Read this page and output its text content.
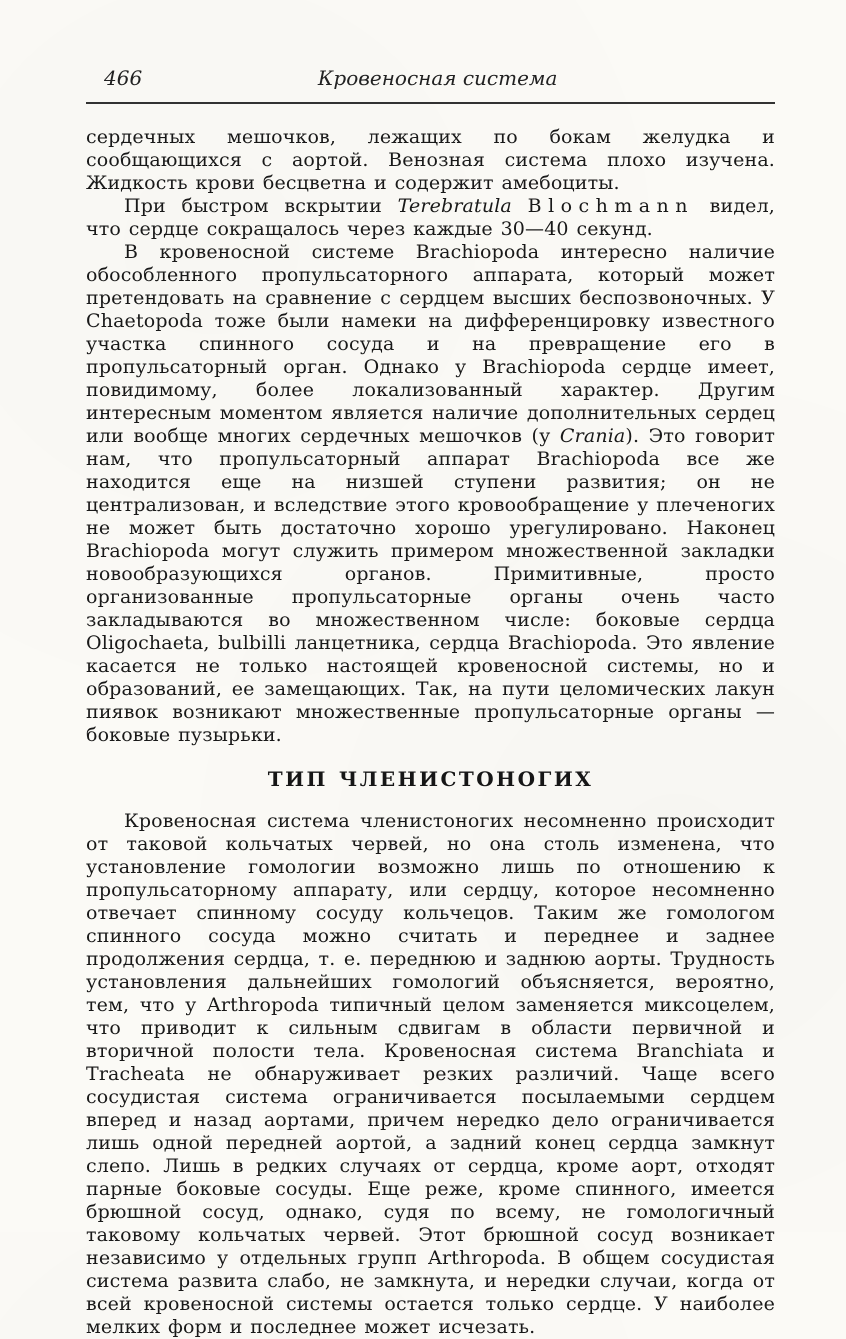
466	Кровеносная система

сердечных мешочков, лежащих по бокам желудка и сообщающихся с аортой. Венозная система плохо изучена. Жидкость крови бесцветна и содержит амебоциты.

При быстром вскрытии Terebratula Blochmann видел, что сердце сокращалось через каждые 30—40 секунд.

В кровеносной системе Brachiopoda интересно наличие обособленного пропульсаторного аппарата, который может претендовать на сравнение с сердцем высших беспозвоночных. У Chaetopoda тоже были намеки на дифференцировку известного участка спинного сосуда и на превращение его в пропульсаторный орган. Однако у Brachiopoda сердце имеет, повидимому, более локализованный характер. Другим интересным моментом является наличие дополнительных сердец или вообще многих сердечных мешочков (у Crania). Это говорит нам, что пропульсаторный аппарат Brachiopoda все же находится еще на низшей ступени развития; он не централизован, и вследствие этого кровообращение у плеченогих не может быть достаточно хорошо урегулировано. Наконец Brachiopoda могут служить примером множественной закладки новообразующихся органов. Примитивные, просто организованные пропульсаторные органы очень часто закладываются во множественном числе: боковые сердца Oligochaeta, bulbilli ланцетника, сердца Brachiopoda. Это явление касается не только настоящей кровеносной системы, но и образований, ее замещающих. Так, на пути целомических лакун пиявок возникают множественные пропульсаторные органы — боковые пузырьки.

ТИП ЧЛЕНИСТОНОГИХ

Кровеносная система членистоногих несомненно происходит от таковой кольчатых червей, но она столь изменена, что установление гомологии возможно лишь по отношению к пропульсаторному аппарату, или сердцу, которое несомненно отвечает спинному сосуду кольчецов. Таким же гомологом спинного сосуда можно считать и переднее и заднее продолжения сердца, т. е. переднюю и заднюю аорты. Трудность установления дальнейших гомологий объясняется, вероятно, тем, что у Arthropoda типичный целом заменяется миксоцелем, что приводит к сильным сдвигам в области первичной и вторичной полости тела. Кровеносная система Branchiata и Tracheata не обнаруживает резких различий. Чаще всего сосудистая система ограничивается посылаемыми сердцем вперед и назад аортами, причем нередко дело ограничивается лишь одной передней аортой, а задний конец сердца замкнут слепо. Лишь в редких случаях от сердца, кроме аорт, отходят парные боковые сосуды. Еще реже, кроме спинного, имеется брюшной сосуд, однако, судя по всему, не гомологичный таковому кольчатых червей. Этот брюшной сосуд возникает независимо у отдельных групп Arthropoda. В общем сосудистая система развита слабо, не замкнута, и нередки случаи, когда от всей кровеносной системы остается только сердце. У наиболее мелких форм и последнее может исчезать.
